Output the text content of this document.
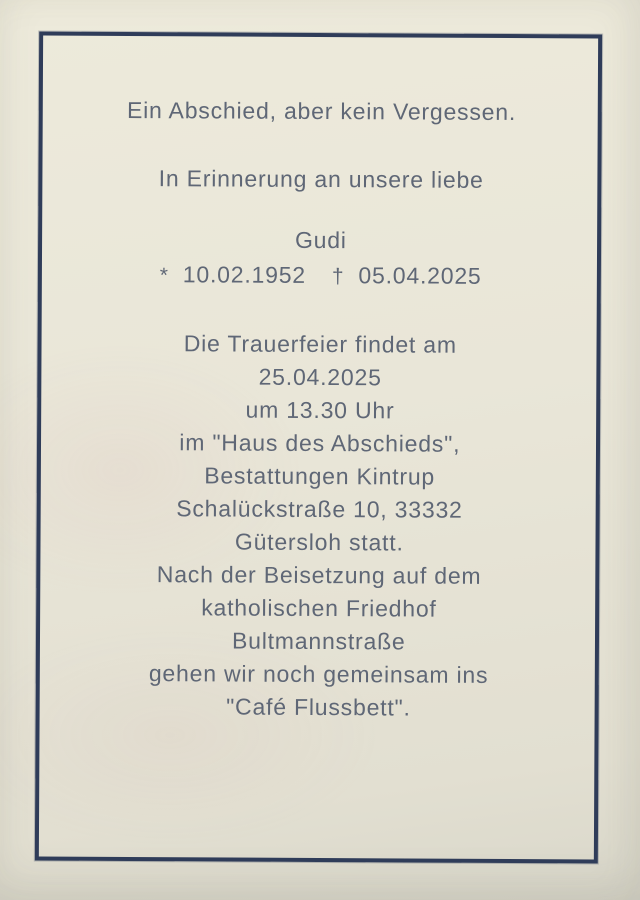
Ein Abschied, aber kein Vergessen.
In Erinnerung an unsere liebe
Gudi
* 10.02.1952 † 05.04.2025
Die Trauerfeier findet am
25.04.2025
um 13.30 Uhr
im "Haus des Abschieds",
Bestattungen Kintrup
Schalückstraße 10, 33332
Gütersloh statt.
Nach der Beisetzung auf dem
katholischen Friedhof
Bultmannstraße
gehen wir noch gemeinsam ins
"Café Flussbett".
